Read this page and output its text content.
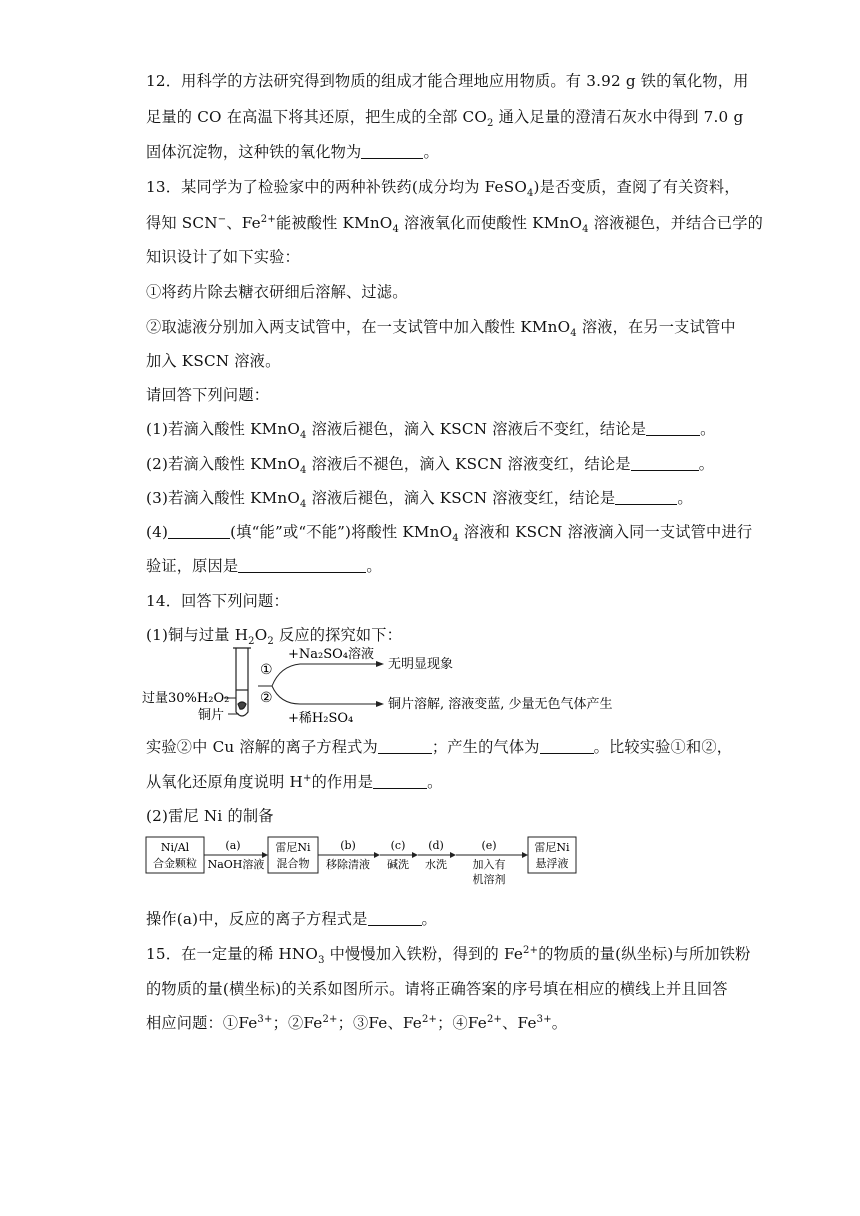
12．用科学的方法研究得到物质的组成才能合理地应用物质。有 3.92 g 铁的氧化物，用
足量的 CO 在高温下将其还原，把生成的全部 $CO_2$ 通入足量的澄清石灰水中得到 7.0 g
固体沉淀物，这种铁的氧化物为	。
13．某同学为了检验家中的两种补铁药(成分均为 FeSO$_4$)是否变质，查阅了有关资料，
得知 SCN−、$Fe^{2+}$能被酸性 KMnO$_4$ 溶液氧化而使酸性 KMnO$_4$ 溶液褪色，并结合已学的
知识设计了如下实验：
①将药片除去糖衣研细后溶解、过滤。
②取滤液分别加入两支试管中，在一支试管中加入酸性 KMnO$_4$ 溶液，在另一支试管中
加入 KSCN 溶液。
请回答下列问题：
(1)若滴入酸性 KMnO$_4$ 溶液后褪色，滴入 KSCN 溶液后不变红，结论是	。
(2)若滴入酸性 KMnO$_4$ 溶液后不褪色，滴入 KSCN 溶液变红，结论是	。
(3)若滴入酸性 KMnO$_4$ 溶液后褪色，滴入 KSCN 溶液变红，结论是	。
(4)	(填“能”或“不能”)将酸性 KMnO$_4$ 溶液和 KSCN 溶液滴入同一支试管中进行
验证，原因是	。
14．回答下列问题：
(1)铜与过量 $H_2O_2$ 反应的探究如下：
过量30%H₂O₂
铜片
①
②
+Na₂SO₄溶液
+稀H₂SO₄
无明显现象
铜片溶解, 溶液变蓝, 少量无色气体产生
实验②中 Cu 溶解的离子方程式为	；产生的气体为	。比较实验①和②，
从氧化还原角度说明 H+的作用是	。
(2)雷尼 Ni 的制备
Ni/Al
合金颗粒
(a)
NaOH溶液
雷尼Ni
混合物
(b)
移除清液
(c)
碱洗
(d)
水洗
(e)
加入有
机溶剂
雷尼Ni
悬浮液
操作(a)中，反应的离子方程式是	。
15．在一定量的稀 $HNO_3$ 中慢慢加入铁粉，得到的 $Fe^{2+}$的物质的量(纵坐标)与所加铁粉
的物质的量(横坐标)的关系如图所示。请将正确答案的序号填在相应的横线上并且回答
相应问题：$①Fe^{3+}$；$②Fe^{2+}$；③Fe、$Fe^{2+}$；$④Fe^{2+}$、$Fe^{3+}$。
